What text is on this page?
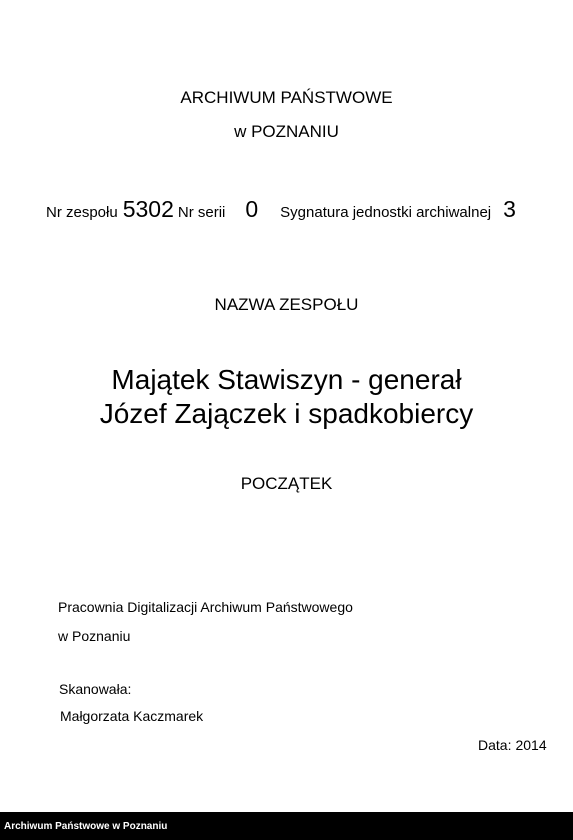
ARCHIWUM PAŃSTWOWE
w POZNANIU
Nr zespołu 5302 Nr serii 0 Sygnatura jednostki archiwalnej 3
NAZWA ZESPOŁU
Majątek Stawiszyn - generał
Józef Zajączek i spadkobiercy
POCZĄTEK
Pracownia Digitalizacji Archiwum Państwowego
w Poznaniu
Skanowała:
Małgorzata Kaczmarek
Data: 2014
Archiwum Państwowe w Poznaniu
